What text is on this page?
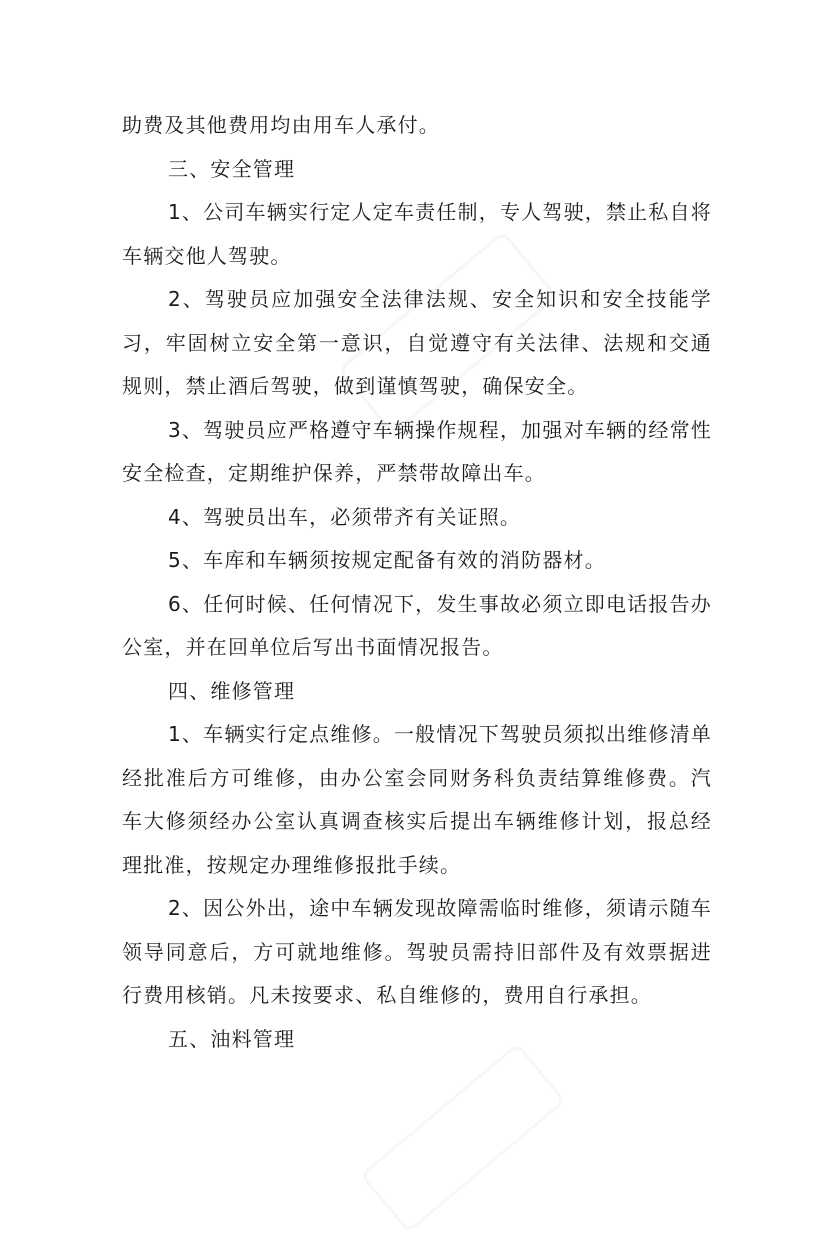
助费及其他费用均由用车人承付。

三、安全管理

1、公司车辆实行定人定车责任制，专人驾驶，禁止私自将车辆交他人驾驶。

2、驾驶员应加强安全法律法规、安全知识和安全技能学习，牢固树立安全第一意识，自觉遵守有关法律、法规和交通规则，禁止酒后驾驶，做到谨慎驾驶，确保安全。

3、驾驶员应严格遵守车辆操作规程，加强对车辆的经常性安全检查，定期维护保养，严禁带故障出车。

4、驾驶员出车，必须带齐有关证照。

5、车库和车辆须按规定配备有效的消防器材。

6、任何时候、任何情况下，发生事故必须立即电话报告办公室，并在回单位后写出书面情况报告。

四、维修管理

1、车辆实行定点维修。一般情况下驾驶员须拟出维修清单经批准后方可维修，由办公室会同财务科负责结算维修费。汽车大修须经办公室认真调查核实后提出车辆维修计划，报总经理批准，按规定办理维修报批手续。

2、因公外出，途中车辆发现故障需临时维修，须请示随车领导同意后，方可就地维修。驾驶员需持旧部件及有效票据进行费用核销。凡未按要求、私自维修的，费用自行承担。

五、油料管理
